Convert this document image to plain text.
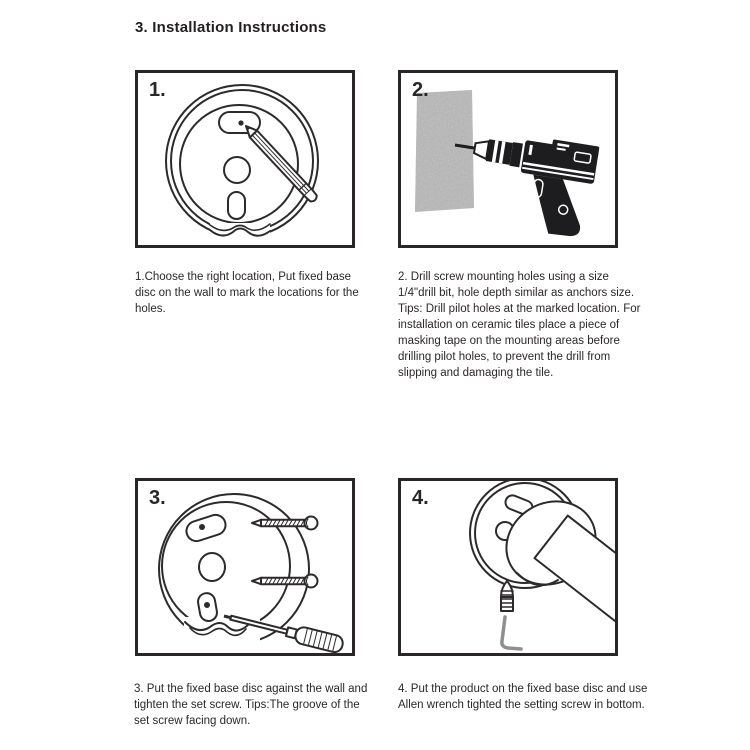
3. Installation Instructions
1.	2.
3.	4.
1.Choose the right location, Put fixed base disc on the wall to mark the locations for the holes.
2. Drill screw mounting holes using a size 1/4"drill bit, hole depth similar as anchors size.
Tips: Drill pilot holes at the marked location. For installation on ceramic tiles place a piece of masking tape on the mounting areas before drilling pilot holes, to prevent the drill from slipping and damaging the tile.
3. Put the fixed base disc against the wall and tighten the set screw. Tips:The groove of the set screw facing down.
4. Put the product on the fixed base disc and use Allen wrench tighted the setting screw in bottom.
